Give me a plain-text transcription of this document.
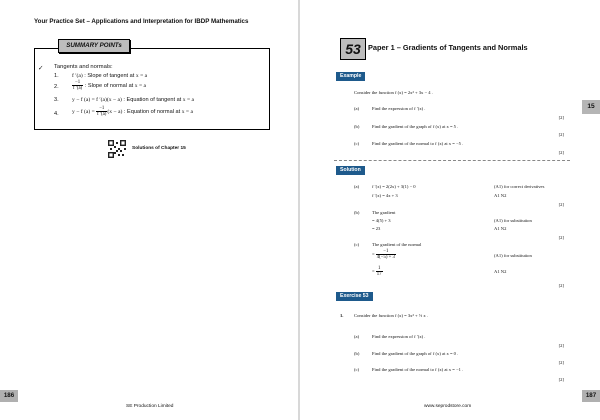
Your Practice Set – Applications and Interpretation for IBDP Mathematics
SUMMARY POINTs
✓ Tangents and normals:
1. f ′(a) : Slope of tangent at x = a
2.	$\frac{-1}{f '(a)}$ : Slope of normal at x = a
3. y − f (a) = f ′(a)(x − a) : Equation of tangent at x = a
4. y − f $(a) = \frac{-1}{f '(a)} (x - a)$ : Equation of normal at x = a
Solutions of Chapter 15
186
SE Production Limited
53 Paper 1 – Gradients of Tangents and Normals
15
Example
Consider the function f (x) = 2x² + 3x − 4 .
(a)	Find the expression of f ′(x) .
[2]
(b)	Find the gradient of the graph of f (x) at x = 5 .
[2]
(c)	Find the gradient of the normal to f (x) at x = −5 .
[2]
Solution
(a)	f ′(x) = 2(2x) + 3(1) − 0	(A1) for correct derivatives
f ′(x) = 4x + 3	A1 N2
[2]
(b)	The gradient
= 4(5) + 3	(A1) for substitution
= 23	A1 N2
[2]
(c)	The gradient of the normal
= $\frac{-1}{4(-5) + 3}$	(A1) for substitution
= $\frac{1}{17}$	A1 N2
[2]
Exercise 53
1. Consider the function f (x) = 3x² + ½ x .
(a)	Find the expression of f ′(x) .
[2]
(b)	Find the gradient of the graph of f (x) at x = 0 .
[2]
(c)	Find the gradient of the normal to f (x) at x = −1 .
[2]
187
www.seprodstore.com
